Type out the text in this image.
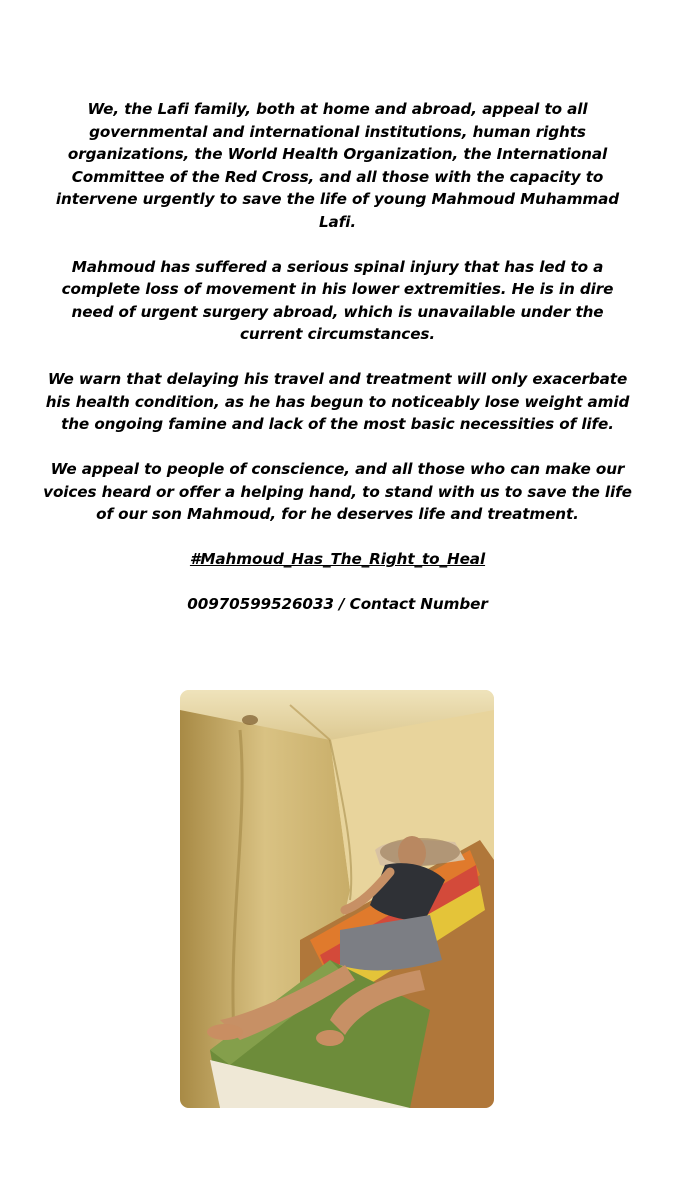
We, the Lafi family, both at home and abroad, appeal to all governmental and international institutions, human rights organizations, the World Health Organization, the International Committee of the Red Cross, and all those with the capacity to intervene urgently to save the life of young Mahmoud Muhammad Lafi.

Mahmoud has suffered a serious spinal injury that has led to a complete loss of movement in his lower extremities. He is in dire need of urgent surgery abroad, which is unavailable under the current circumstances.

We warn that delaying his travel and treatment will only exacerbate his health condition, as he has begun to noticeably lose weight amid the ongoing famine and lack of the most basic necessities of life.

We appeal to people of conscience, and all those who can make our voices heard or offer a helping hand, to stand with us to save the life of our son Mahmoud, for he deserves life and treatment.

#Mahmoud_Has_The_Right_to_Heal

00970599526033 / Contact Number
